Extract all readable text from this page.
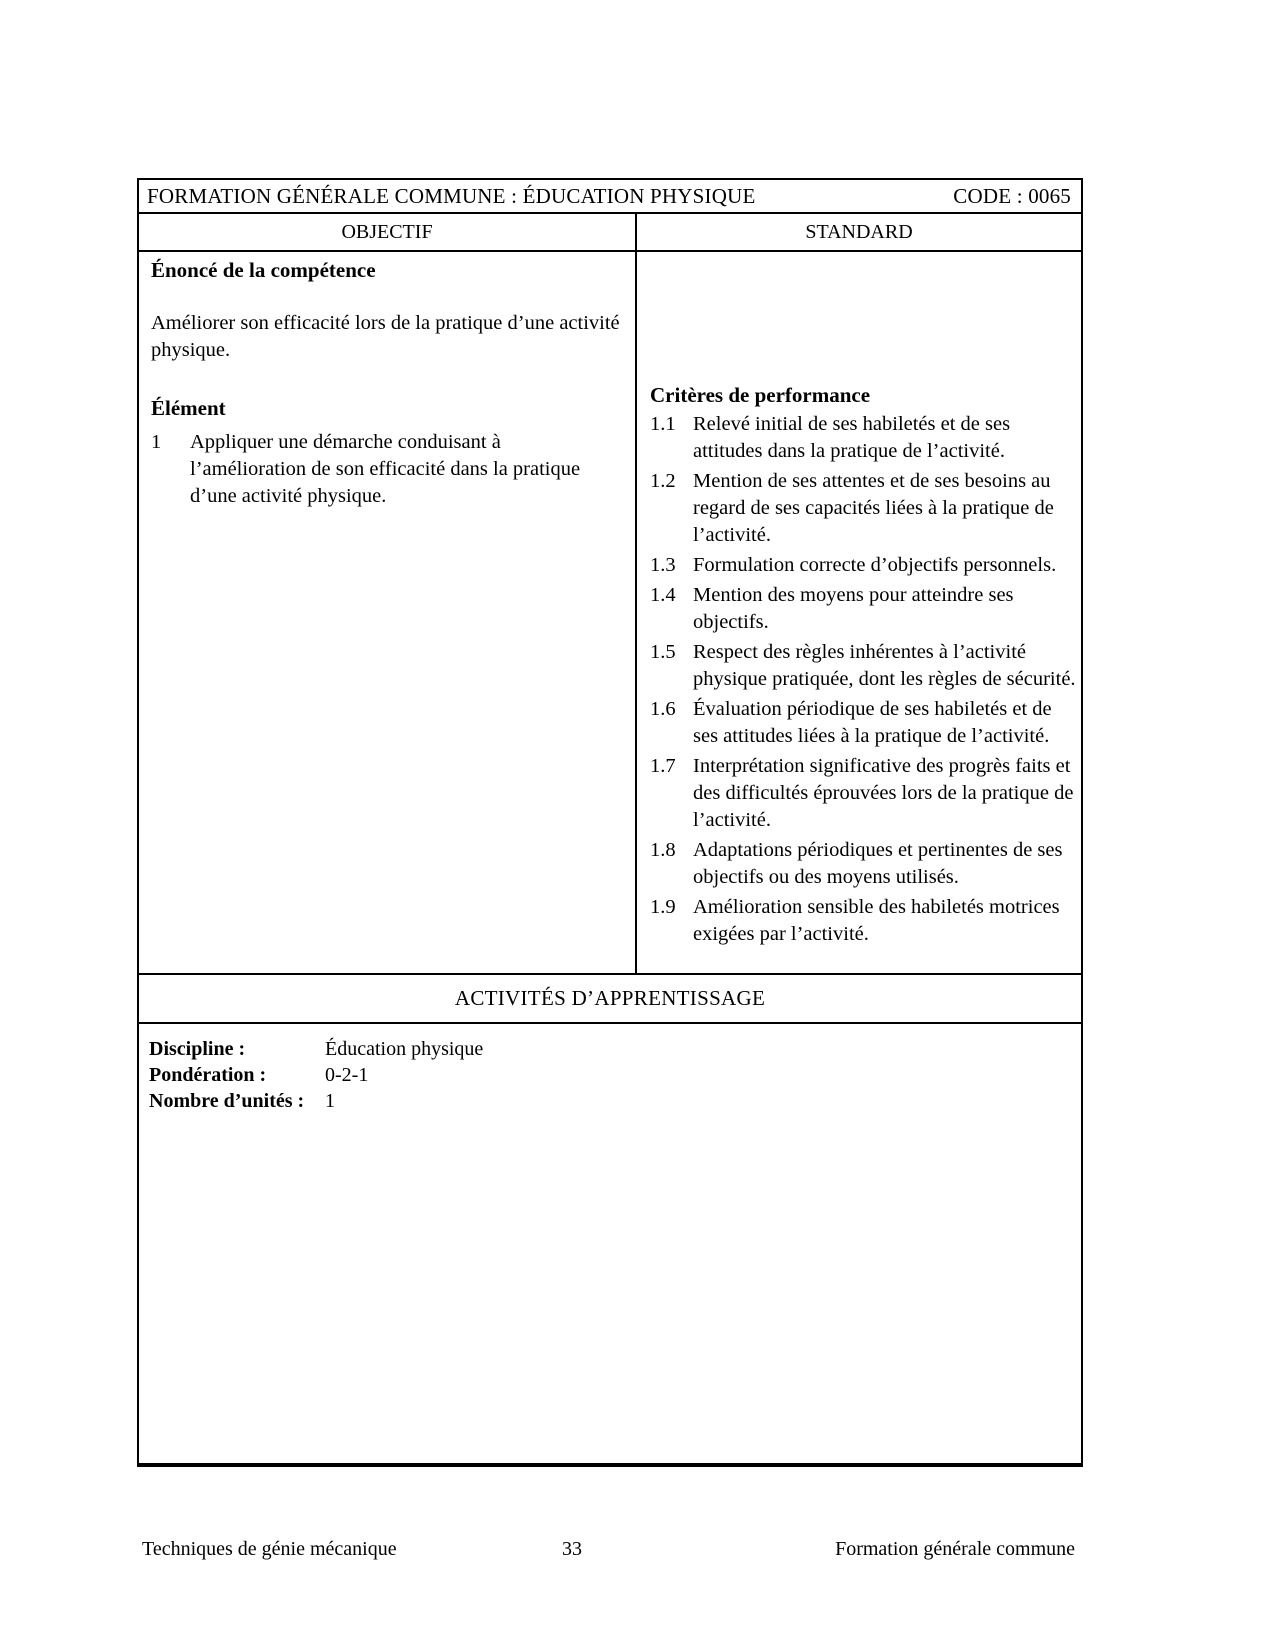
FORMATION GÉNÉRALE COMMUNE : ÉDUCATION PHYSIQUE	CODE : 0065
OBJECTIF	STANDARD
Énoncé de la compétence
Améliorer son efficacité lors de la pratique d’une activité physique.
Élément
1	Appliquer une démarche conduisant à l’amélioration de son efficacité dans la pratique d’une activité physique.
Critères de performance
1.1 Relevé initial de ses habiletés et de ses attitudes dans la pratique de l’activité.
1.2 Mention de ses attentes et de ses besoins au regard de ses capacités liées à la pratique de l’activité.
1.3 Formulation correcte d’objectifs personnels.
1.4 Mention des moyens pour atteindre ses objectifs.
1.5 Respect des règles inhérentes à l’activité physique pratiquée, dont les règles de sécurité.
1.6 Évaluation périodique de ses habiletés et de ses attitudes liées à la pratique de l’activité.
1.7 Interprétation significative des progrès faits et des difficultés éprouvées lors de la pratique de l’activité.
1.8 Adaptations périodiques et pertinentes de ses objectifs ou des moyens utilisés.
1.9 Amélioration sensible des habiletés motrices exigées par l’activité.
ACTIVITÉS D’APPRENTISSAGE
Discipline :	Éducation physique
Pondération :	0-2-1
Nombre d’unités :	1
Techniques de génie mécanique	33	Formation générale commune
